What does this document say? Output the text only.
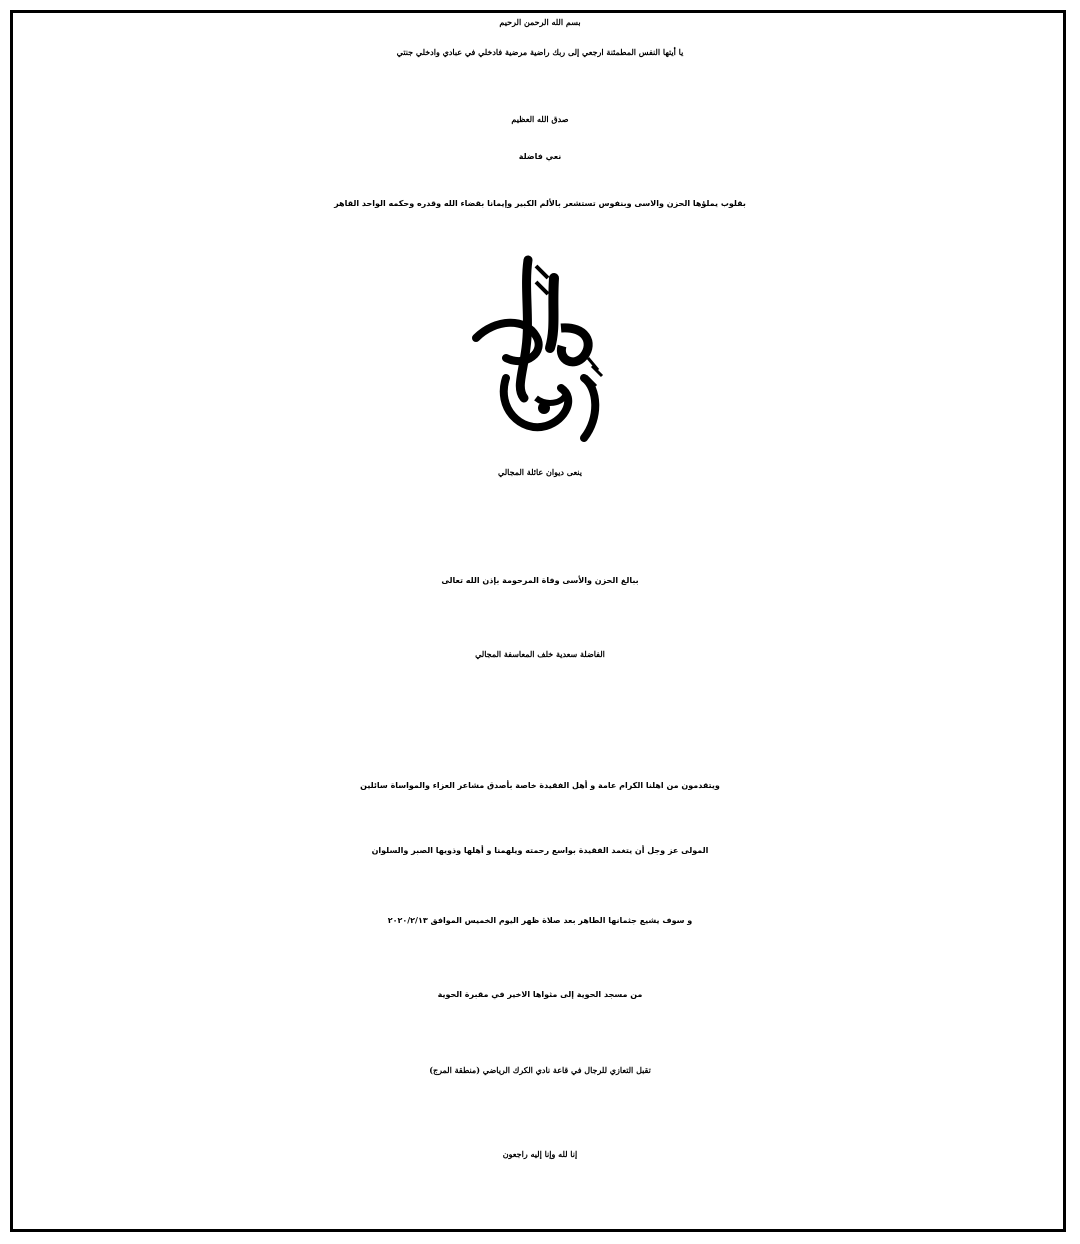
بسم الله الرحمن الرحيم
يا أيتها النفس المطمئنة ارجعي إلى ربك راضية مرضية فادخلي في عبادي وادخلي جنتي
صدق الله العظيم
نعي فاضلة
بقلوب يملؤها الحزن والاسى وبنفوس تستشعر بالألم الكبير وإيمانا بقضاء الله وقدره وحكمه الواحد القاهر
ينعى ديوان عائلة المجالي
ببالغ الحزن والأسى وفاة المرحومة بإذن الله تعالى
الفاضلة سعدية خلف المعاسفة المجالي
ويتقدمون من اهلنا الكرام عامة و أهل الفقيدة خاصة بأصدق مشاعر العزاء والمواساة سائلين
المولى عز وجل أن يتغمد الفقيدة بواسع رحمته ويلهمنا و أهلها وذويها الصبر والسلوان
و سوف يشيع جثمانها الطاهر بعد صلاة ظهر اليوم الخميس الموافق ٢٠٢٠/٢/١٣
من مسجد الحوية إلى مثواها الاخير في مقبرة الحوية
تقبل التعازي للرجال في قاعة نادي الكرك الرياضي (منطقة المرج)
إنا لله وإنا إليه راجعون
